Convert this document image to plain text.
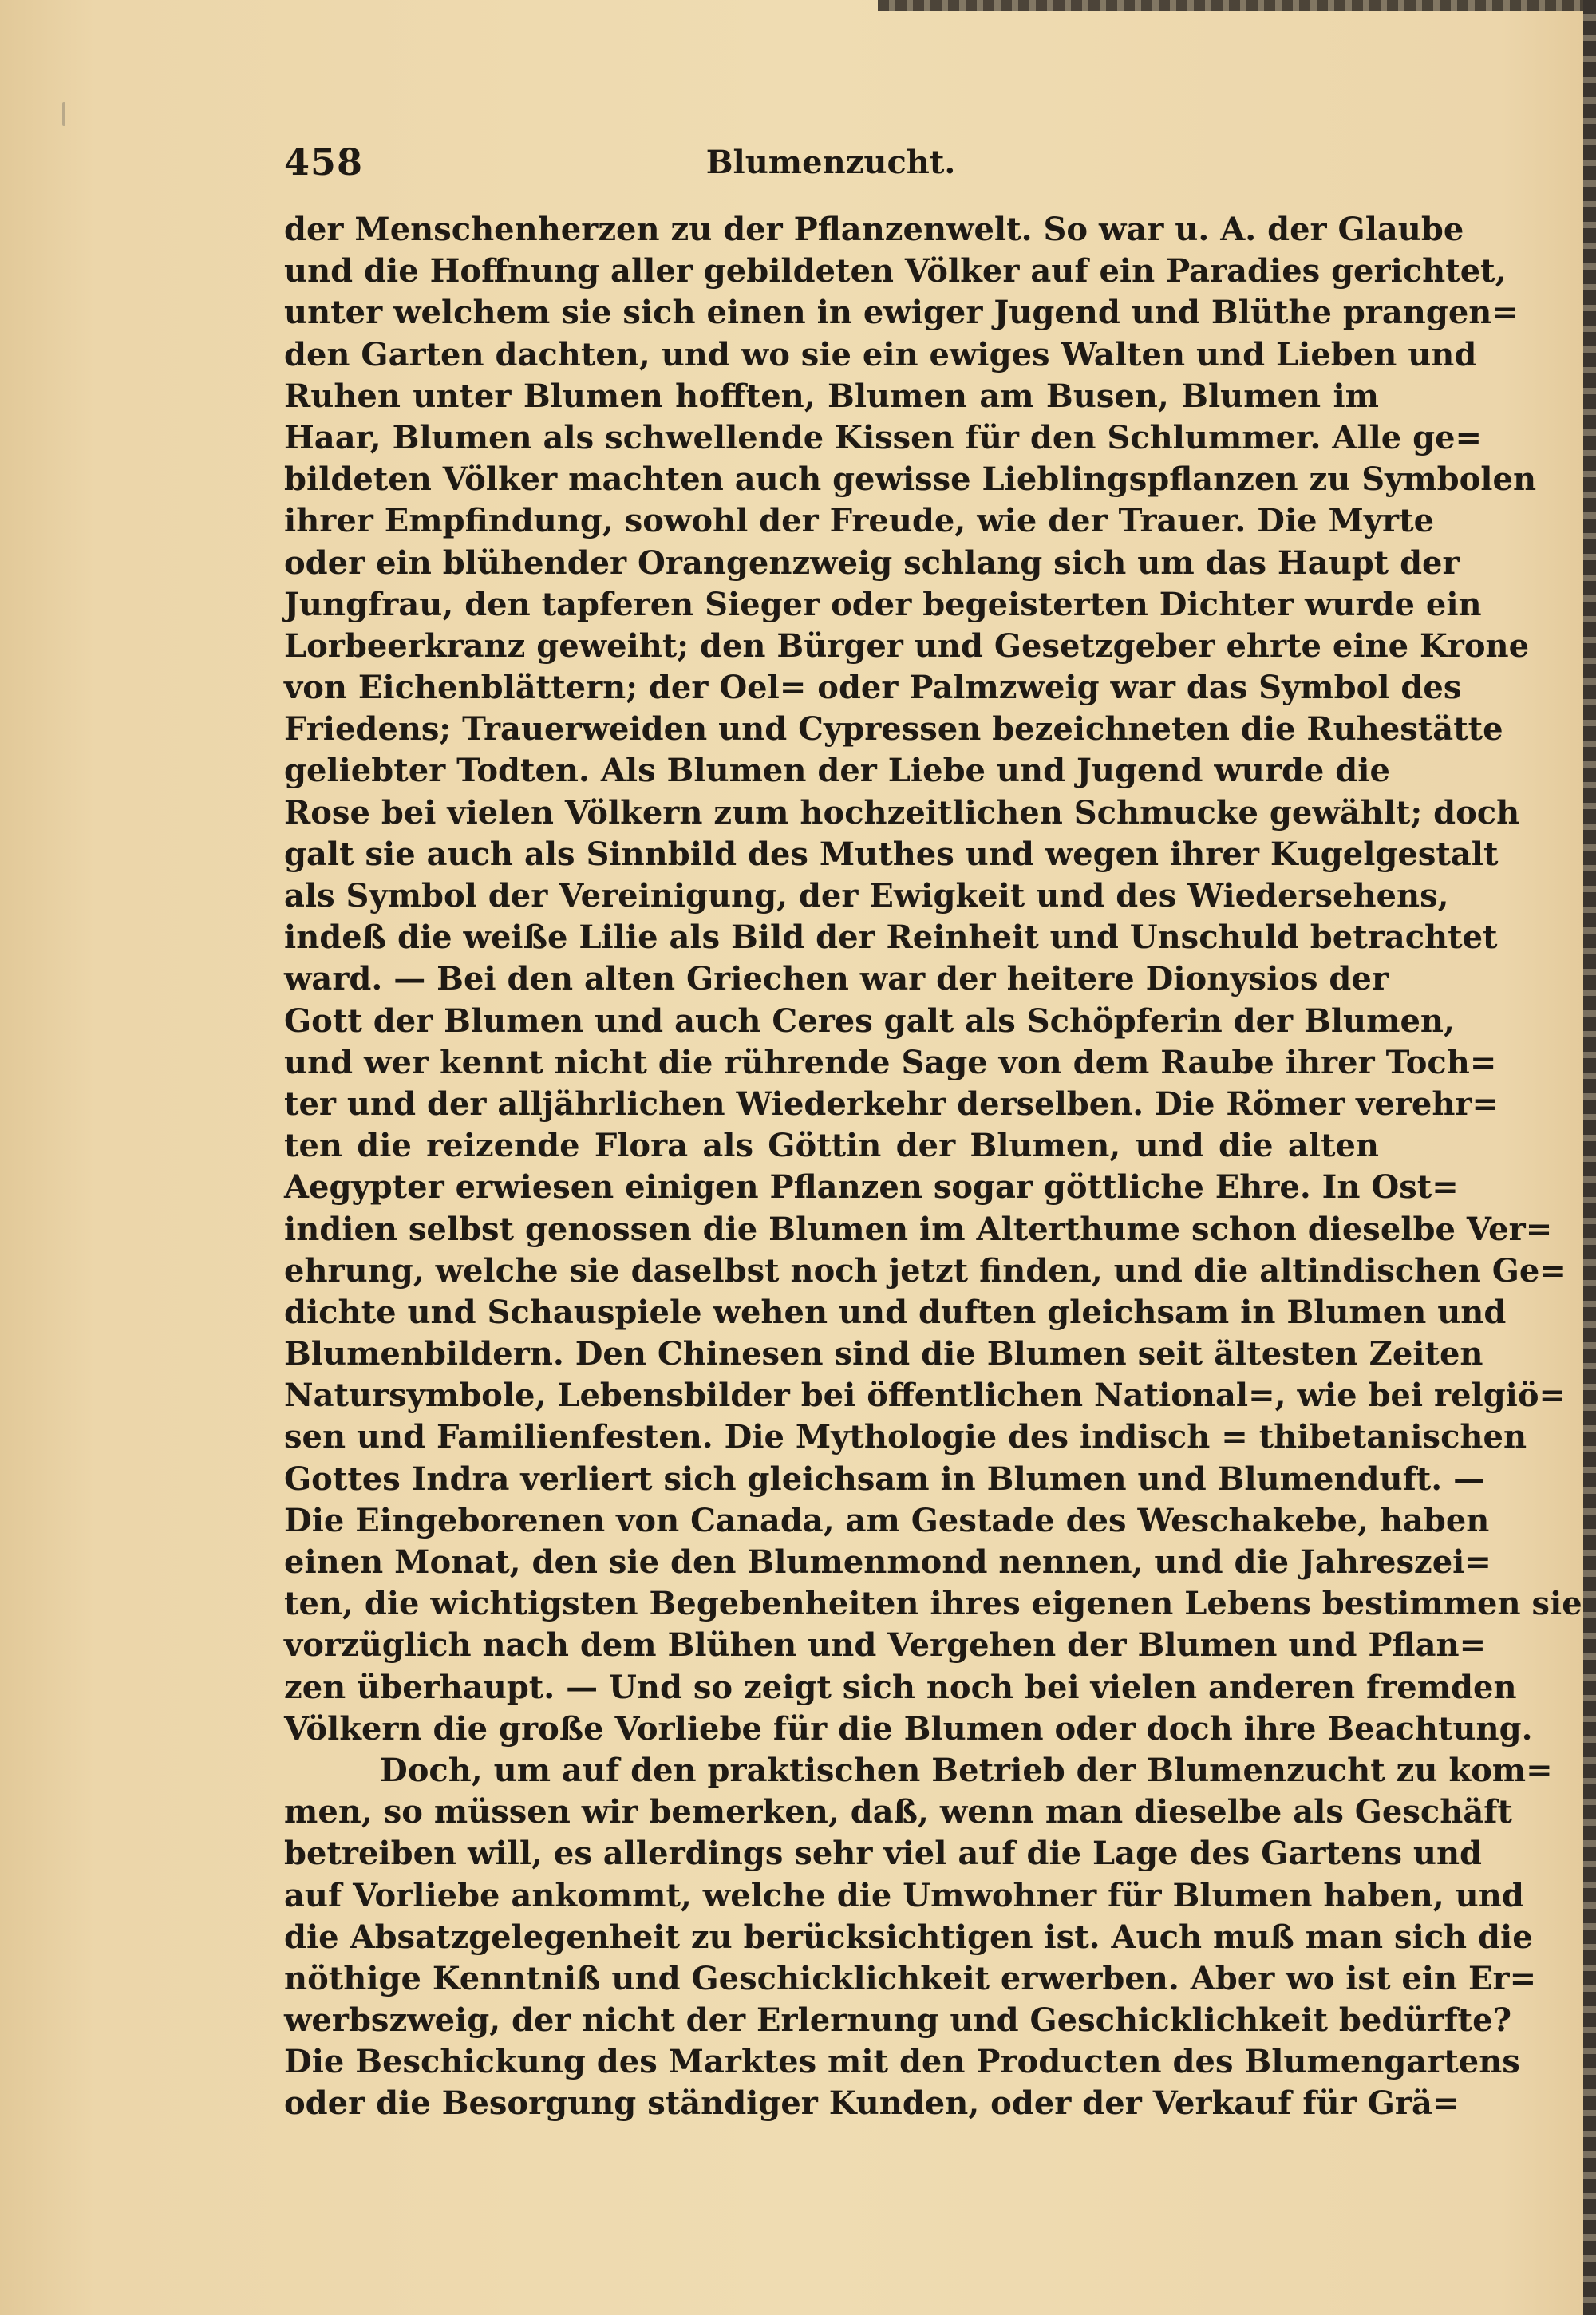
458	Blumenzucht.
der Menschenherzen zu der Pflanzenwelt. So war u. A. der Glaube
und die Hoffnung aller gebildeten Völker auf ein Paradies gerichtet,
unter welchem sie sich einen in ewiger Jugend und Blüthe prangen=
den Garten dachten, und wo sie ein ewiges Walten und Lieben und
Ruhen unter Blumen hofften, Blumen am Busen, Blumen im
Haar, Blumen als schwellende Kissen für den Schlummer. Alle ge=
bildeten Völker machten auch gewisse Lieblingspflanzen zu Symbolen
ihrer Empfindung, sowohl der Freude, wie der Trauer. Die Myrte
oder ein blühender Orangenzweig schlang sich um das Haupt der
Jungfrau, den tapferen Sieger oder begeisterten Dichter wurde ein
Lorbeerkranz geweiht; den Bürger und Gesetzgeber ehrte eine Krone
von Eichenblättern; der Oel= oder Palmzweig war das Symbol des
Friedens; Trauerweiden und Cypressen bezeichneten die Ruhestätte
geliebter Todten. Als Blumen der Liebe und Jugend wurde die
Rose bei vielen Völkern zum hochzeitlichen Schmucke gewählt; doch
galt sie auch als Sinnbild des Muthes und wegen ihrer Kugelgestalt
als Symbol der Vereinigung, der Ewigkeit und des Wiedersehens,
indeß die weiße Lilie als Bild der Reinheit und Unschuld betrachtet
ward. — Bei den alten Griechen war der heitere Dionysios der
Gott der Blumen und auch Ceres galt als Schöpferin der Blumen,
und wer kennt nicht die rührende Sage von dem Raube ihrer Toch=
ter und der alljährlichen Wiederkehr derselben. Die Römer verehr=
ten die reizende Flora als Göttin der Blumen, und die alten
Aegypter erwiesen einigen Pflanzen sogar göttliche Ehre. In Ost=
indien selbst genossen die Blumen im Alterthume schon dieselbe Ver=
ehrung, welche sie daselbst noch jetzt finden, und die altindischen Ge=
dichte und Schauspiele wehen und duften gleichsam in Blumen und
Blumenbildern. Den Chinesen sind die Blumen seit ältesten Zeiten
Natursymbole, Lebensbilder bei öffentlichen National=, wie bei relgiö=
sen und Familienfesten. Die Mythologie des indisch = thibetanischen
Gottes Indra verliert sich gleichsam in Blumen und Blumenduft. —
Die Eingeborenen von Canada, am Gestade des Weschakebe, haben
einen Monat, den sie den Blumenmond nennen, und die Jahreszei=
ten, die wichtigsten Begebenheiten ihres eigenen Lebens bestimmen sie
vorzüglich nach dem Blühen und Vergehen der Blumen und Pflan=
zen überhaupt. — Und so zeigt sich noch bei vielen anderen fremden
Völkern die große Vorliebe für die Blumen oder doch ihre Beachtung.
Doch, um auf den praktischen Betrieb der Blumenzucht zu kom=
men, so müssen wir bemerken, daß, wenn man dieselbe als Geschäft
betreiben will, es allerdings sehr viel auf die Lage des Gartens und
auf Vorliebe ankommt, welche die Umwohner für Blumen haben, und
die Absatzgelegenheit zu berücksichtigen ist. Auch muß man sich die
nöthige Kenntniß und Geschicklichkeit erwerben. Aber wo ist ein Er=
werbszweig, der nicht der Erlernung und Geschicklichkeit bedürfte?
Die Beschickung des Marktes mit den Producten des Blumengartens
oder die Besorgung ständiger Kunden, oder der Verkauf für Grä=
